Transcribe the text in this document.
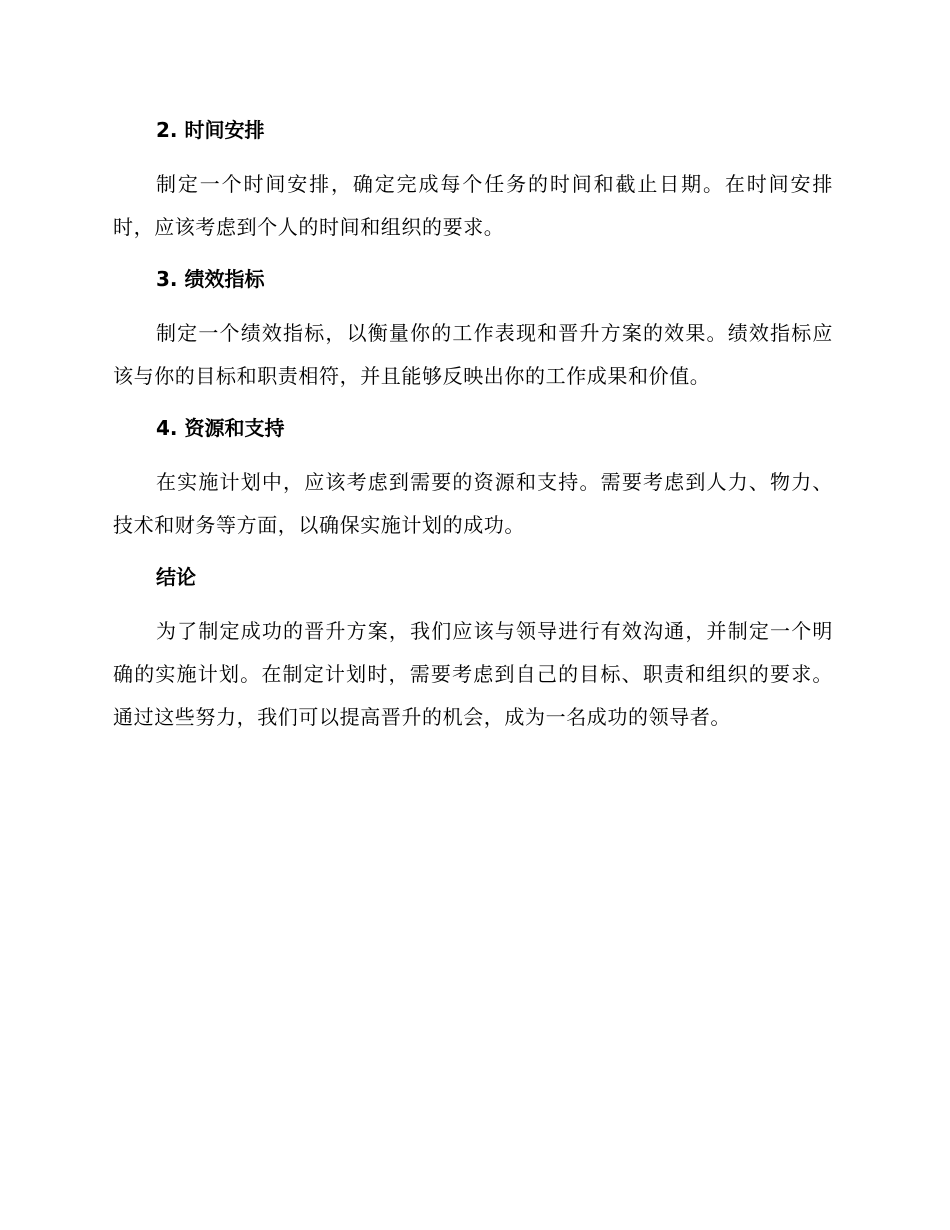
2. 时间安排

制定一个时间安排，确定完成每个任务的时间和截止日期。在时间安排时，应该考虑到个人的时间和组织的要求。

3. 绩效指标

制定一个绩效指标，以衡量你的工作表现和晋升方案的效果。绩效指标应该与你的目标和职责相符，并且能够反映出你的工作成果和价值。

4. 资源和支持

在实施计划中，应该考虑到需要的资源和支持。需要考虑到人力、物力、技术和财务等方面，以确保实施计划的成功。

结论

为了制定成功的晋升方案，我们应该与领导进行有效沟通，并制定一个明确的实施计划。在制定计划时，需要考虑到自己的目标、职责和组织的要求。通过这些努力，我们可以提高晋升的机会，成为一名成功的领导者。
